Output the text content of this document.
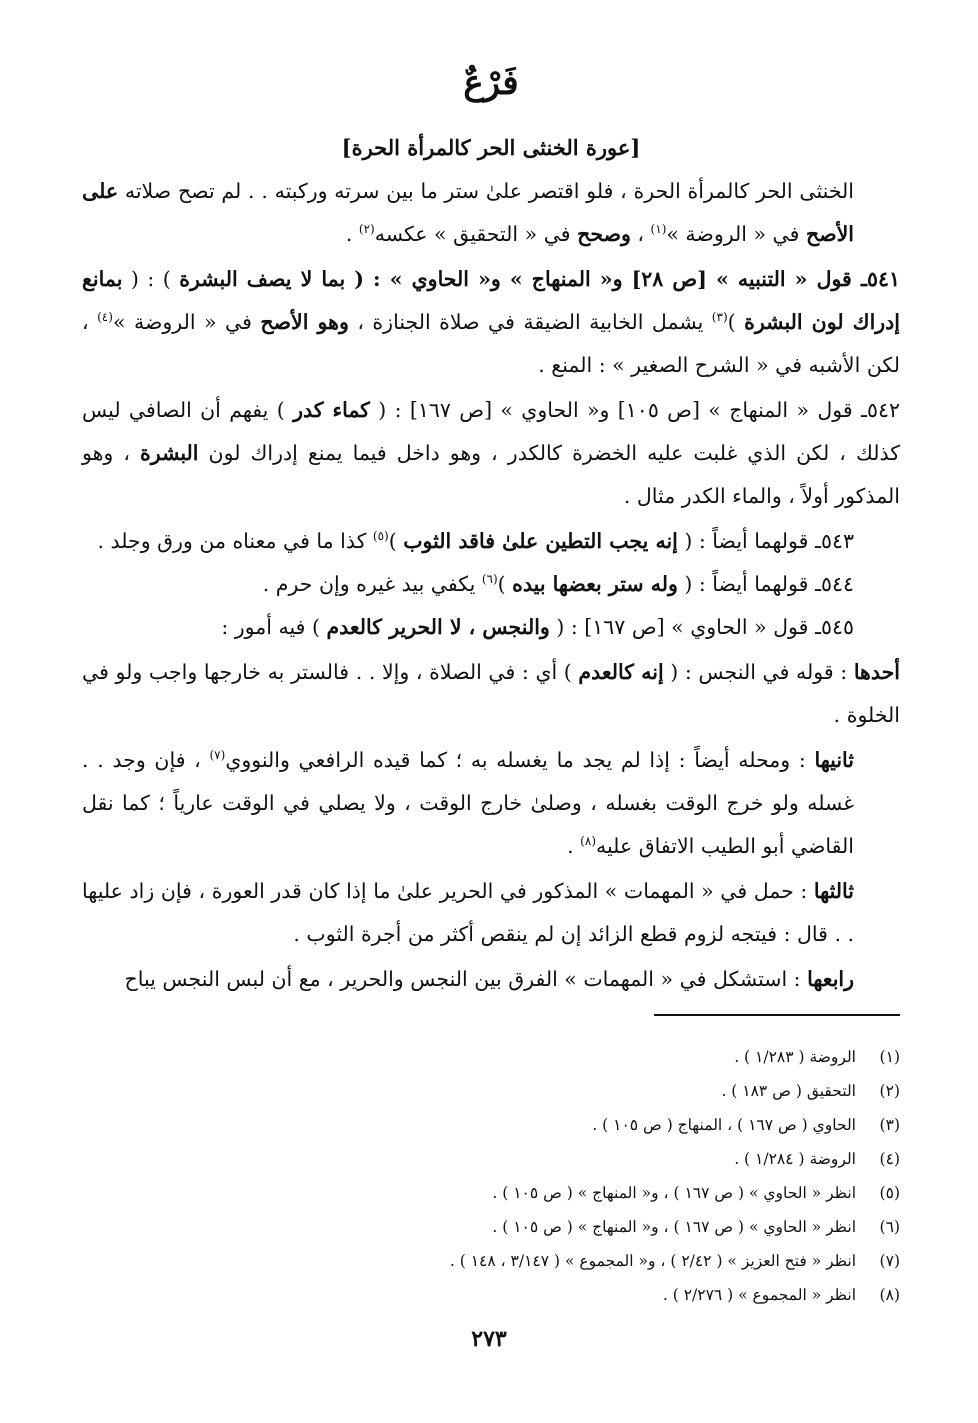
فَرْعٌ
[عورة الخنثى الحر كالمرأة الحرة]

الخنثى الحر كالمرأة الحرة ، فلو اقتصر علىٰ ستر ما بين سرته وركبته . . لم تصح صلاته على الأصح في « الروضة »$^{(١)}$ ، وصحح في « التحقيق » عكسه$^{(٢)}$ .

٥٤١ـ قول « التنبيه » [ص ٢٨] و« المنهاج » و« الحاوي » : ( بما لا يصف البشرة ) : ( بمانع إدراك لون البشرة )$^{(٣)}$ يشمل الخابية الضيقة في صلاة الجنازة ، وهو الأصح في « الروضة »$^{(٤)}$ ، لكن الأشبه في « الشرح الصغير » : المنع .

٥٤٢ـ قول « المنهاج » [ص ١٠٥] و« الحاوي » [ص ١٦٧] : ( كماء كدر ) يفهم أن الصافي ليس كذلك ، لكن الذي غلبت عليه الخضرة كالكدر ، وهو داخل فيما يمنع إدراك لون البشرة ، وهو المذكور أولاً ، والماء الكدر مثال .

٥٤٣ـ قولهما أيضاً : ( إنه يجب التطين علىٰ فاقد الثوب )$^{(٥)}$ كذا ما في معناه من ورق وجلد .

٥٤٤ـ قولهما أيضاً : ( وله ستر بعضها بيده )$^{(٦)}$ يكفي بيد غيره وإن حرم .

٥٤٥ـ قول « الحاوي » [ص ١٦٧] : ( والنجس ، لا الحرير كالعدم ) فيه أمور :

أحدها : قوله في النجس : ( إنه كالعدم ) أي : في الصلاة ، وإلا . . فالستر به خارجها واجب ولو في الخلوة .

ثانيها : ومحله أيضاً : إذا لم يجد ما يغسله به ؛ كما قيده الرافعي والنووي$^{(٧)}$ ، فإن وجد . . غسله ولو خرج الوقت بغسله ، وصلىٰ خارج الوقت ، ولا يصلي في الوقت عارياً ؛ كما نقل القاضي أبو الطيب الاتفاق عليه$^{(٨)}$ .

ثالثها : حمل في « المهمات » المذكور في الحرير علىٰ ما إذا كان قدر العورة ، فإن زاد عليها . . قال : فيتجه لزوم قطع الزائد إن لم ينقص أكثر من أجرة الثوب .

رابعها : استشكل في « المهمات » الفرق بين النجس والحرير ، مع أن لبس النجس يباح

(١)
الروضة ( ١/٢٨٣ ) .
(٢)
التحقيق ( ص ١٨٣ ) .
(٣)
الحاوي ( ص ١٦٧ ) ، المنهاج ( ص ١٠٥ ) .
(٤)
الروضة ( ١/٢٨٤ ) .
(٥)
انظر « الحاوي » ( ص ١٦٧ ) ، و« المنهاج » ( ص ١٠٥ ) .
(٦)
انظر « الحاوي » ( ص ١٦٧ ) ، و« المنهاج » ( ص ١٠٥ ) .
(٧)
انظر « فتح العزيز » ( ٢/٤٢ ) ، و« المجموع » ( ٣/١٤٧ ، ١٤٨ ) .
(٨)
انظر « المجموع » ( ٢/٢٧٦ ) .
٢٧٣
